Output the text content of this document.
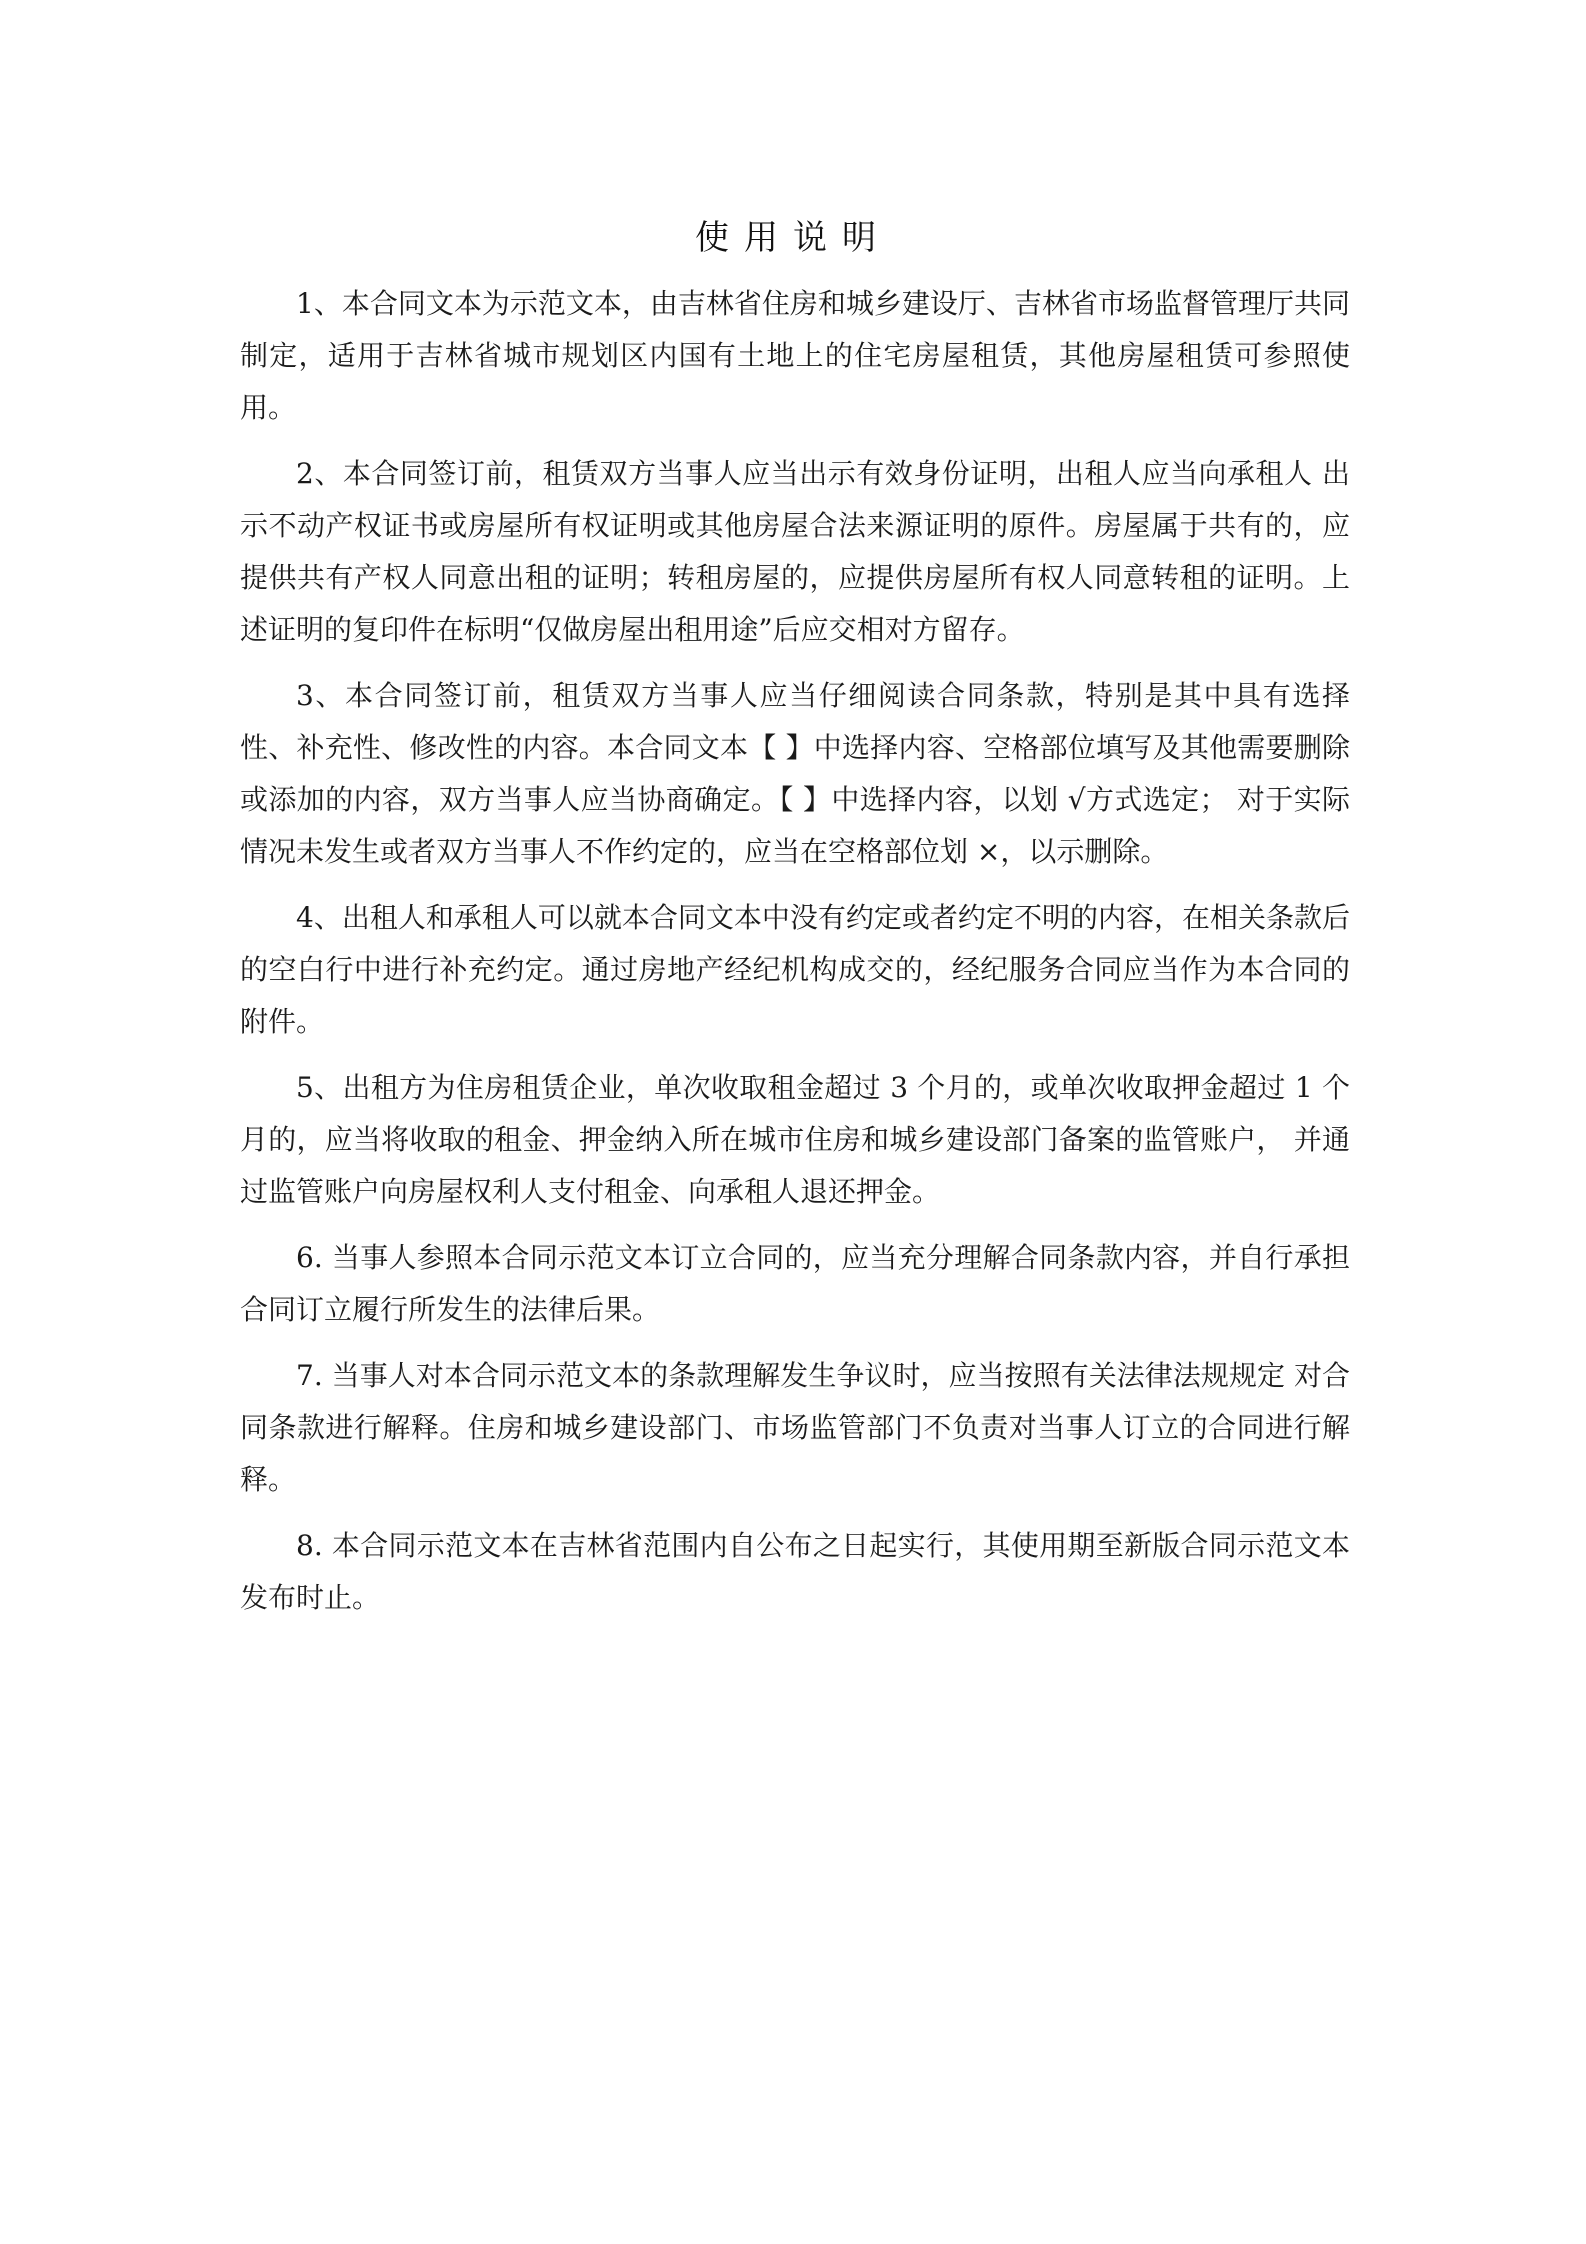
使用说明

1、本合同文本为示范文本，由吉林省住房和城乡建设厅、吉林省市场监督管理厅共同制定，适用于吉林省城市规划区内国有土地上的住宅房屋租赁，其他房屋租赁可参照使用。

2、本合同签订前，租赁双方当事人应当出示有效身份证明，出租人应当向承租人 出示不动产权证书或房屋所有权证明或其他房屋合法来源证明的原件。房屋属于共有的，应提供共有产权人同意出租的证明；转租房屋的，应提供房屋所有权人同意转租的证明。上述证明的复印件在标明“仅做房屋出租用途”后应交相对方留存。

3、本合同签订前，租赁双方当事人应当仔细阅读合同条款，特别是其中具有选择 性、补充性、修改性的内容。本合同文本【 】中选择内容、空格部位填写及其他需要删除或添加的内容，双方当事人应当协商确定。【 】中选择内容，以划 √方式选定； 对于实际情况未发生或者双方当事人不作约定的，应当在空格部位划 ×，以示删除。

4、出租人和承租人可以就本合同文本中没有约定或者约定不明的内容，在相关条款后的空白行中进行补充约定。通过房地产经纪机构成交的，经纪服务合同应当作为本合同的附件。

5、出租方为住房租赁企业，单次收取租金超过 3 个月的，或单次收取押金超过 1 个月的，应当将收取的租金、押金纳入所在城市住房和城乡建设部门备案的监管账户， 并通过监管账户向房屋权利人支付租金、向承租人退还押金。

6. 当事人参照本合同示范文本订立合同的，应当充分理解合同条款内容，并自行承担合同订立履行所发生的法律后果。

7. 当事人对本合同示范文本的条款理解发生争议时，应当按照有关法律法规规定 对合同条款进行解释。住房和城乡建设部门、市场监管部门不负责对当事人订立的合同进行解释。

8. 本合同示范文本在吉林省范围内自公布之日起实行，其使用期至新版合同示范文本发布时止。
